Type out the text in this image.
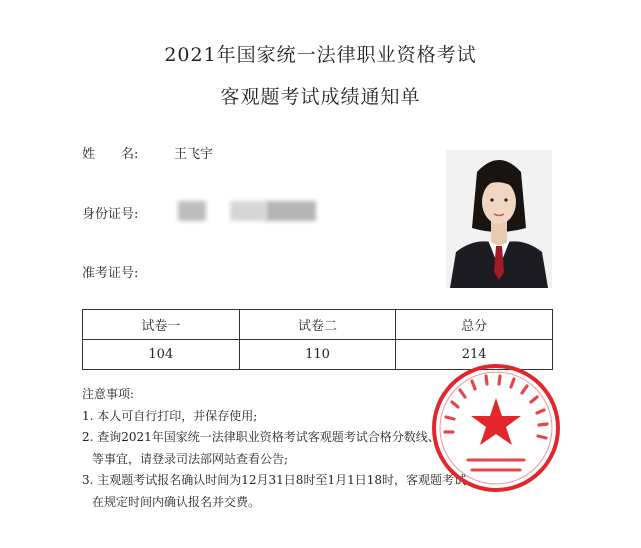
2021年国家统一法律职业资格考试
客观题考试成绩通知单
姓　　名:	王飞宇
身份证号:
准考证号:
试卷一	试卷二	总分
104	110	214
注意事项:
1. 本人可自行打印，并保存使用;
2. 查询2021年国家统一法律职业资格考试客观题考试合格分数线、
等事宜，请登录司法部网站查看公告;
3. 主观题考试报名确认时间为12月31日8时至1月1日18时，客观题考试
在规定时间内确认报名并交费。
